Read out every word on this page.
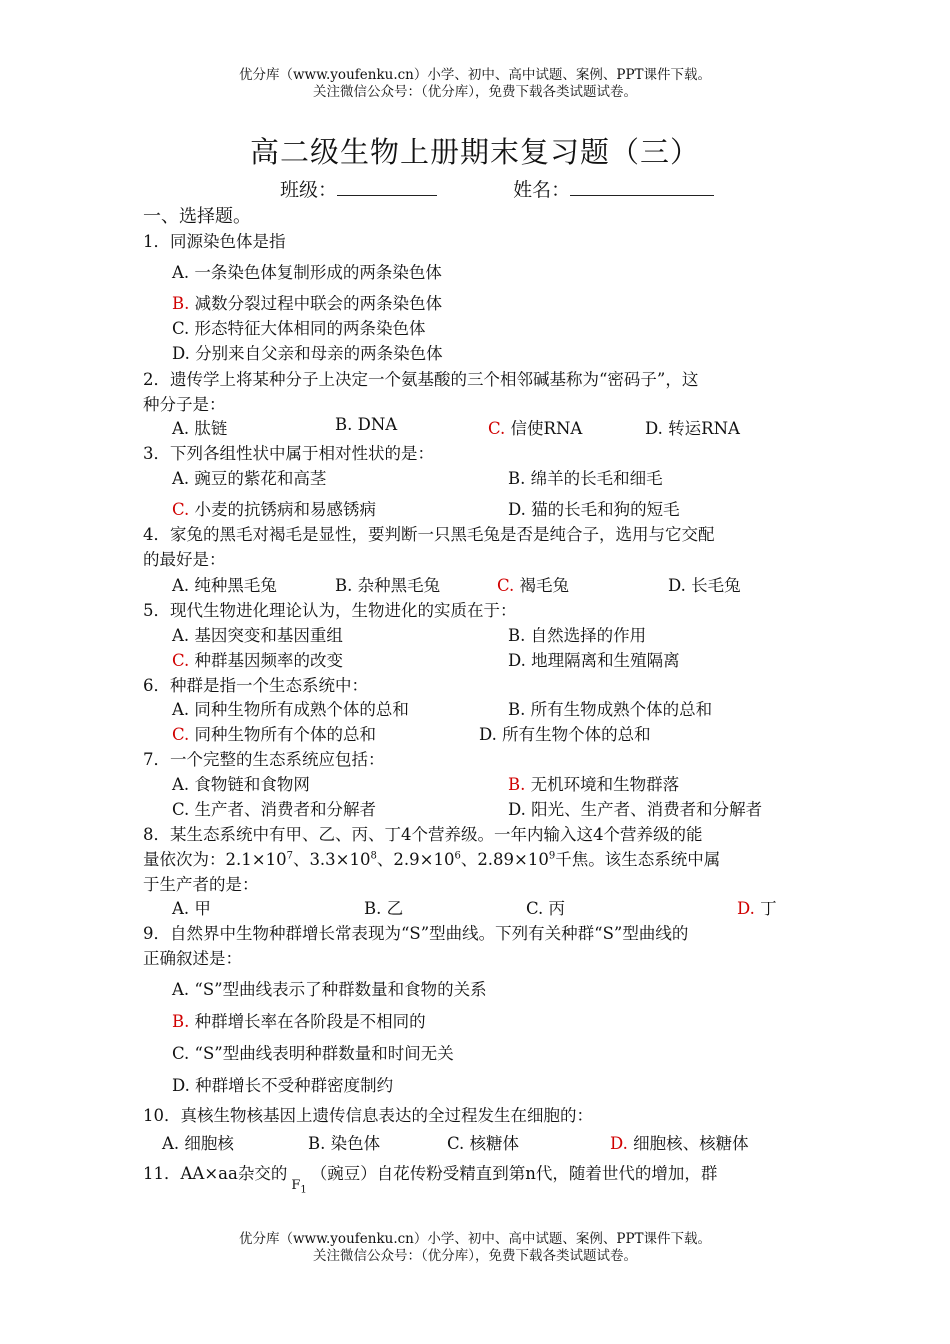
优分库（www.youfenku.cn）小学、初中、高中试题、案例、PPT课件下载。
关注微信公众号：（优分库），免费下载各类试题试卷。
高二级生物上册期末复习题（三）
班级：	姓名：
一、选择题。
1．同源染色体是指
A. 一条染色体复制形成的两条染色体
B. 减数分裂过程中联会的两条染色体
C. 形态特征大体相同的两条染色体
D. 分别来自父亲和母亲的两条染色体
2．遗传学上将某种分子上决定一个氨基酸的三个相邻碱基称为“密码子”，这
种分子是：
A. 肽链	B. DNA	C. 信使RNA	D. 转运RNA
3．下列各组性状中属于相对性状的是：
A. 豌豆的紫花和高茎	B. 绵羊的长毛和细毛
C. 小麦的抗锈病和易感锈病	D. 猫的长毛和狗的短毛
4．家兔的黑毛对褐毛是显性，要判断一只黑毛兔是否是纯合子，选用与它交配
的最好是：
A. 纯种黑毛兔	B. 杂种黑毛兔	C. 褐毛兔	D. 长毛兔
5．现代生物进化理论认为，生物进化的实质在于：
A. 基因突变和基因重组	B. 自然选择的作用
C. 种群基因频率的改变	D. 地理隔离和生殖隔离
6．种群是指一个生态系统中：
A. 同种生物所有成熟个体的总和	B. 所有生物成熟个体的总和
C. 同种生物所有个体的总和	D. 所有生物个体的总和
7．一个完整的生态系统应包括：
A. 食物链和食物网	B. 无机环境和生物群落
C. 生产者、消费者和分解者	D. 阳光、生产者、消费者和分解者
8．某生态系统中有甲、乙、丙、丁4个营养级。一年内输入这4个营养级的能
量依次为：$2.1\times 10^7$、$3.3\times 10^8$、$2.9\times 10^6$、$2.89\times 10^9$千焦。该生态系统中属
于生产者的是：
A. 甲	B. 乙	C. 丙	D. 丁
9．自然界中生物种群增长常表现为“S”型曲线。下列有关种群“S”型曲线的
正确叙述是：
A. “S”型曲线表示了种群数量和食物的关系
B. 种群增长率在各阶段是不相同的
C. “S”型曲线表明种群数量和时间无关
D. 种群增长不受种群密度制约
10．真核生物核基因上遗传信息表达的全过程发生在细胞的：
A. 细胞核	B. 染色体	C. 核糖体	D. 细胞核、核糖体
11．AA×aa杂交的$F_1$（豌豆）自花传粉受精直到第n代，随着世代的增加，群
优分库（www.youfenku.cn）小学、初中、高中试题、案例、PPT课件下载。
关注微信公众号：（优分库），免费下载各类试题试卷。
